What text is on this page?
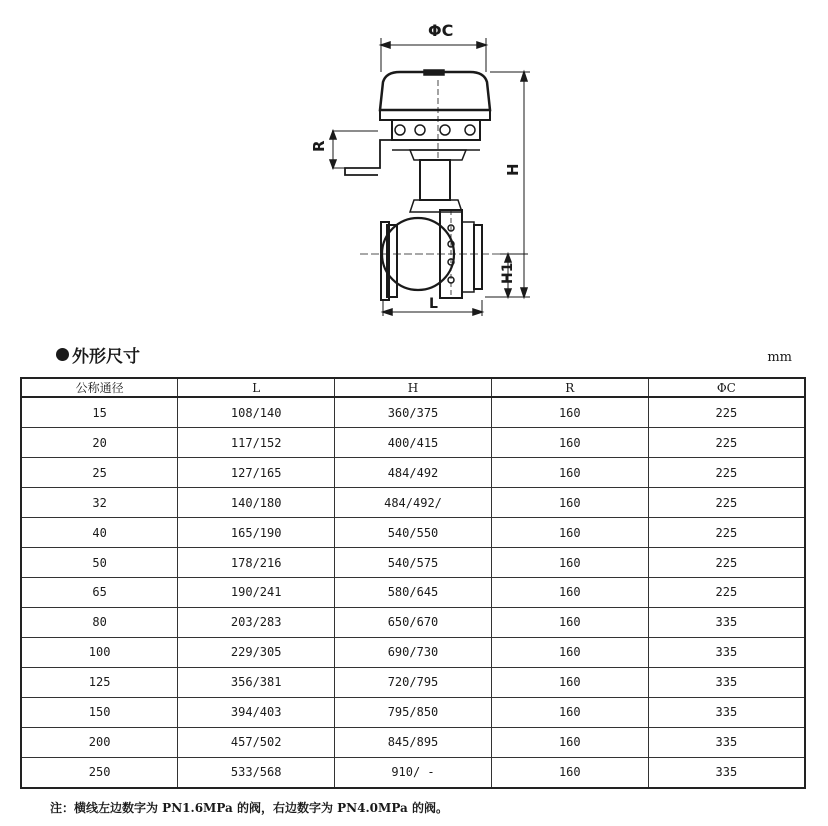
ΦC
R
H
H1
L
外形尺寸	mm
公称通径	L	H	R	ΦC
15	108/140	360/375	160	225
20	117/152	400/415	160	225
25	127/165	484/492	160	225
32	140/180	484/492/	160	225
40	165/190	540/550	160	225
50	178/216	540/575	160	225
65	190/241	580/645	160	225
80	203/283	650/670	160	335
100	229/305	690/730	160	335
125	356/381	720/795	160	335
150	394/403	795/850	160	335
200	457/502	845/895	160	335
250	533/568	910/ -	160	335
注：横线左边数字为 PN1.6MPa 的阀，右边数字为 PN4.0MPa 的阀。
